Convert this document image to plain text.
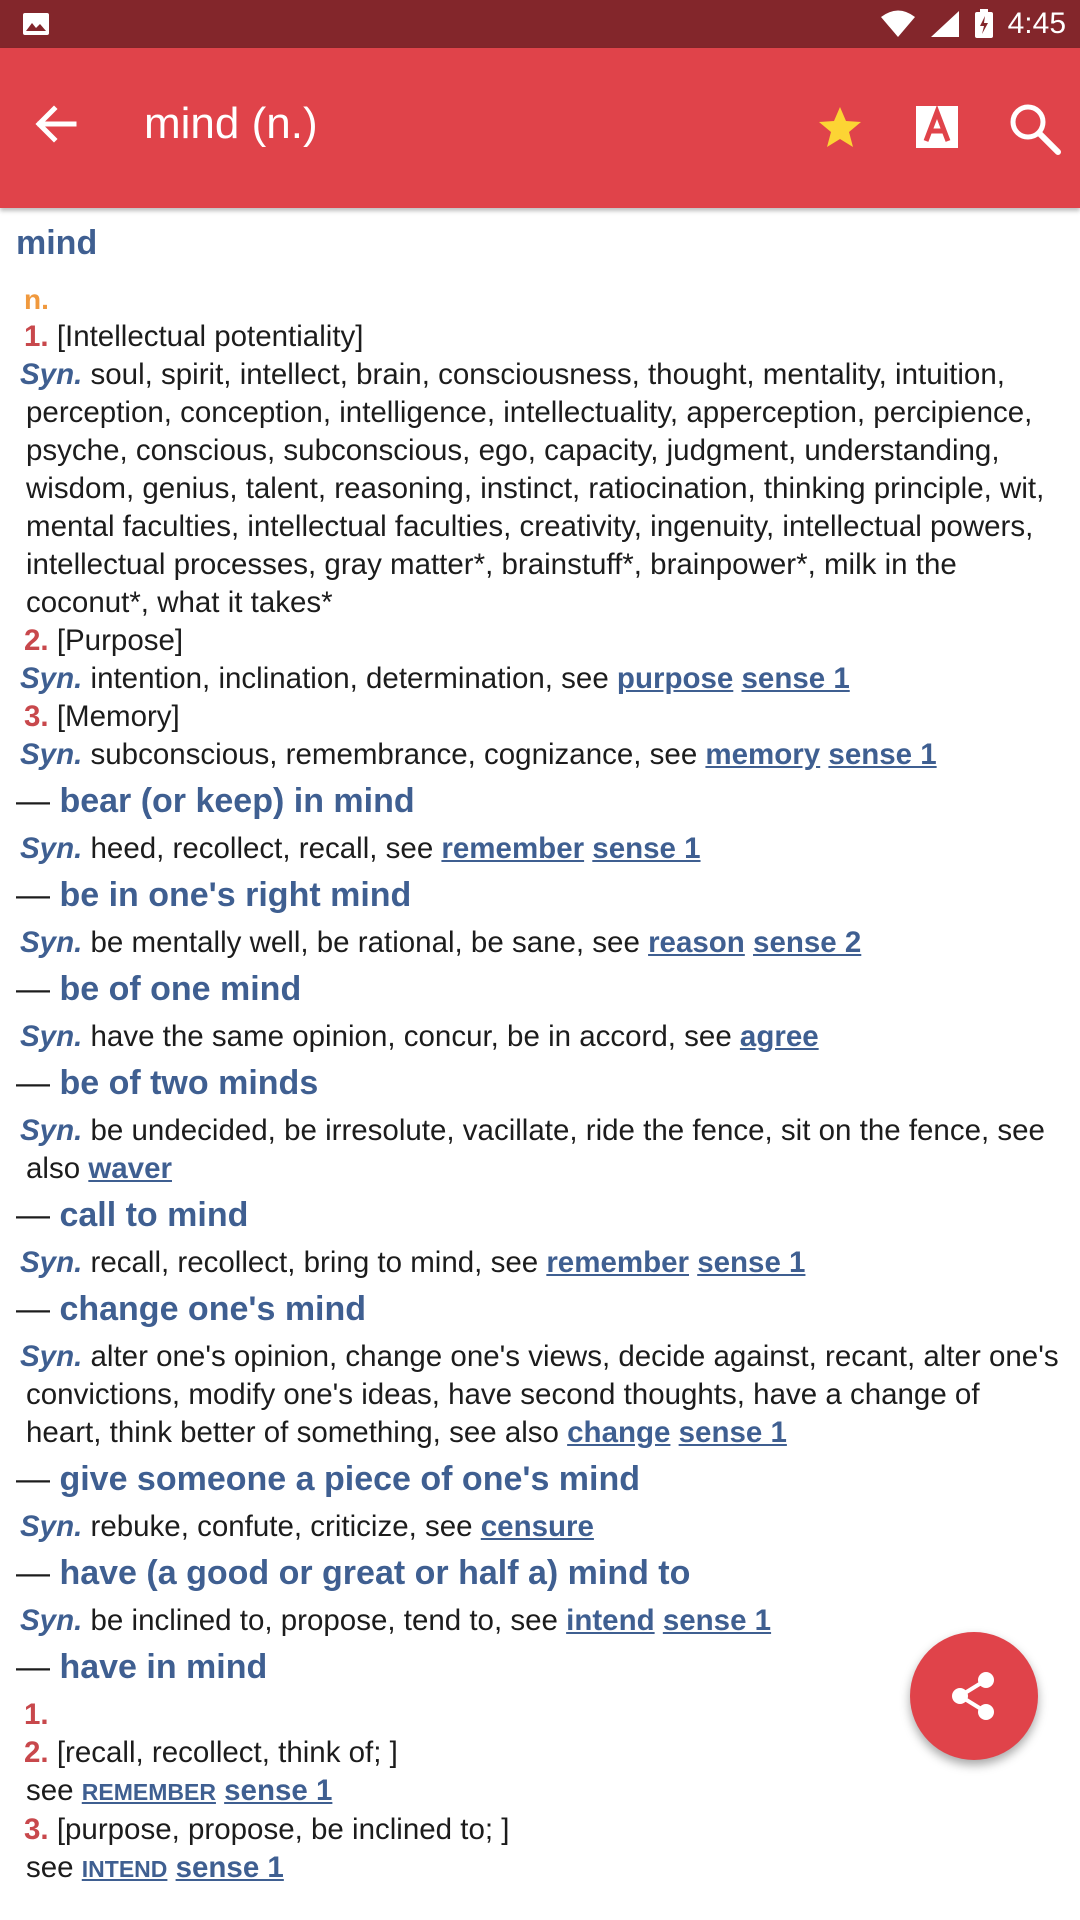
4:45
mind (n.)
mind
n.
1. [Intellectual potentiality]
Syn. soul, spirit, intellect, brain, consciousness, thought, mentality, intuition, perception, conception, intelligence, intellectuality, apperception, percipience, psyche, conscious, subconscious, ego, capacity, judgment, understanding, wisdom, genius, talent, reasoning, instinct, ratiocination, thinking principle, wit, mental faculties, intellectual faculties, creativity, ingenuity, intellectual powers, intellectual processes, gray matter*, brainstuff*, brainpower*, milk in the coconut*, what it takes*
2. [Purpose]
Syn. intention, inclination, determination, see purpose sense 1
3. [Memory]
Syn. subconscious, remembrance, cognizance, see memory sense 1
— bear (or keep) in mind
Syn. heed, recollect, recall, see remember sense 1
— be in one's right mind
Syn. be mentally well, be rational, be sane, see reason sense 2
— be of one mind
Syn. have the same opinion, concur, be in accord, see agree
— be of two minds
Syn. be undecided, be irresolute, vacillate, ride the fence, sit on the fence, see also waver
— call to mind
Syn. recall, recollect, bring to mind, see remember sense 1
— change one's mind
Syn. alter one's opinion, change one's views, decide against, recant, alter one's convictions, modify one's ideas, have second thoughts, have a change of heart, think better of something, see also change sense 1
— give someone a piece of one's mind
Syn. rebuke, confute, criticize, see censure
— have (a good or great or half a) mind to
Syn. be inclined to, propose, tend to, see intend sense 1
— have in mind
1.
2. [recall, recollect, think of; ]
see REMEMBER sense 1
3. [purpose, propose, be inclined to; ]
see INTEND sense 1
